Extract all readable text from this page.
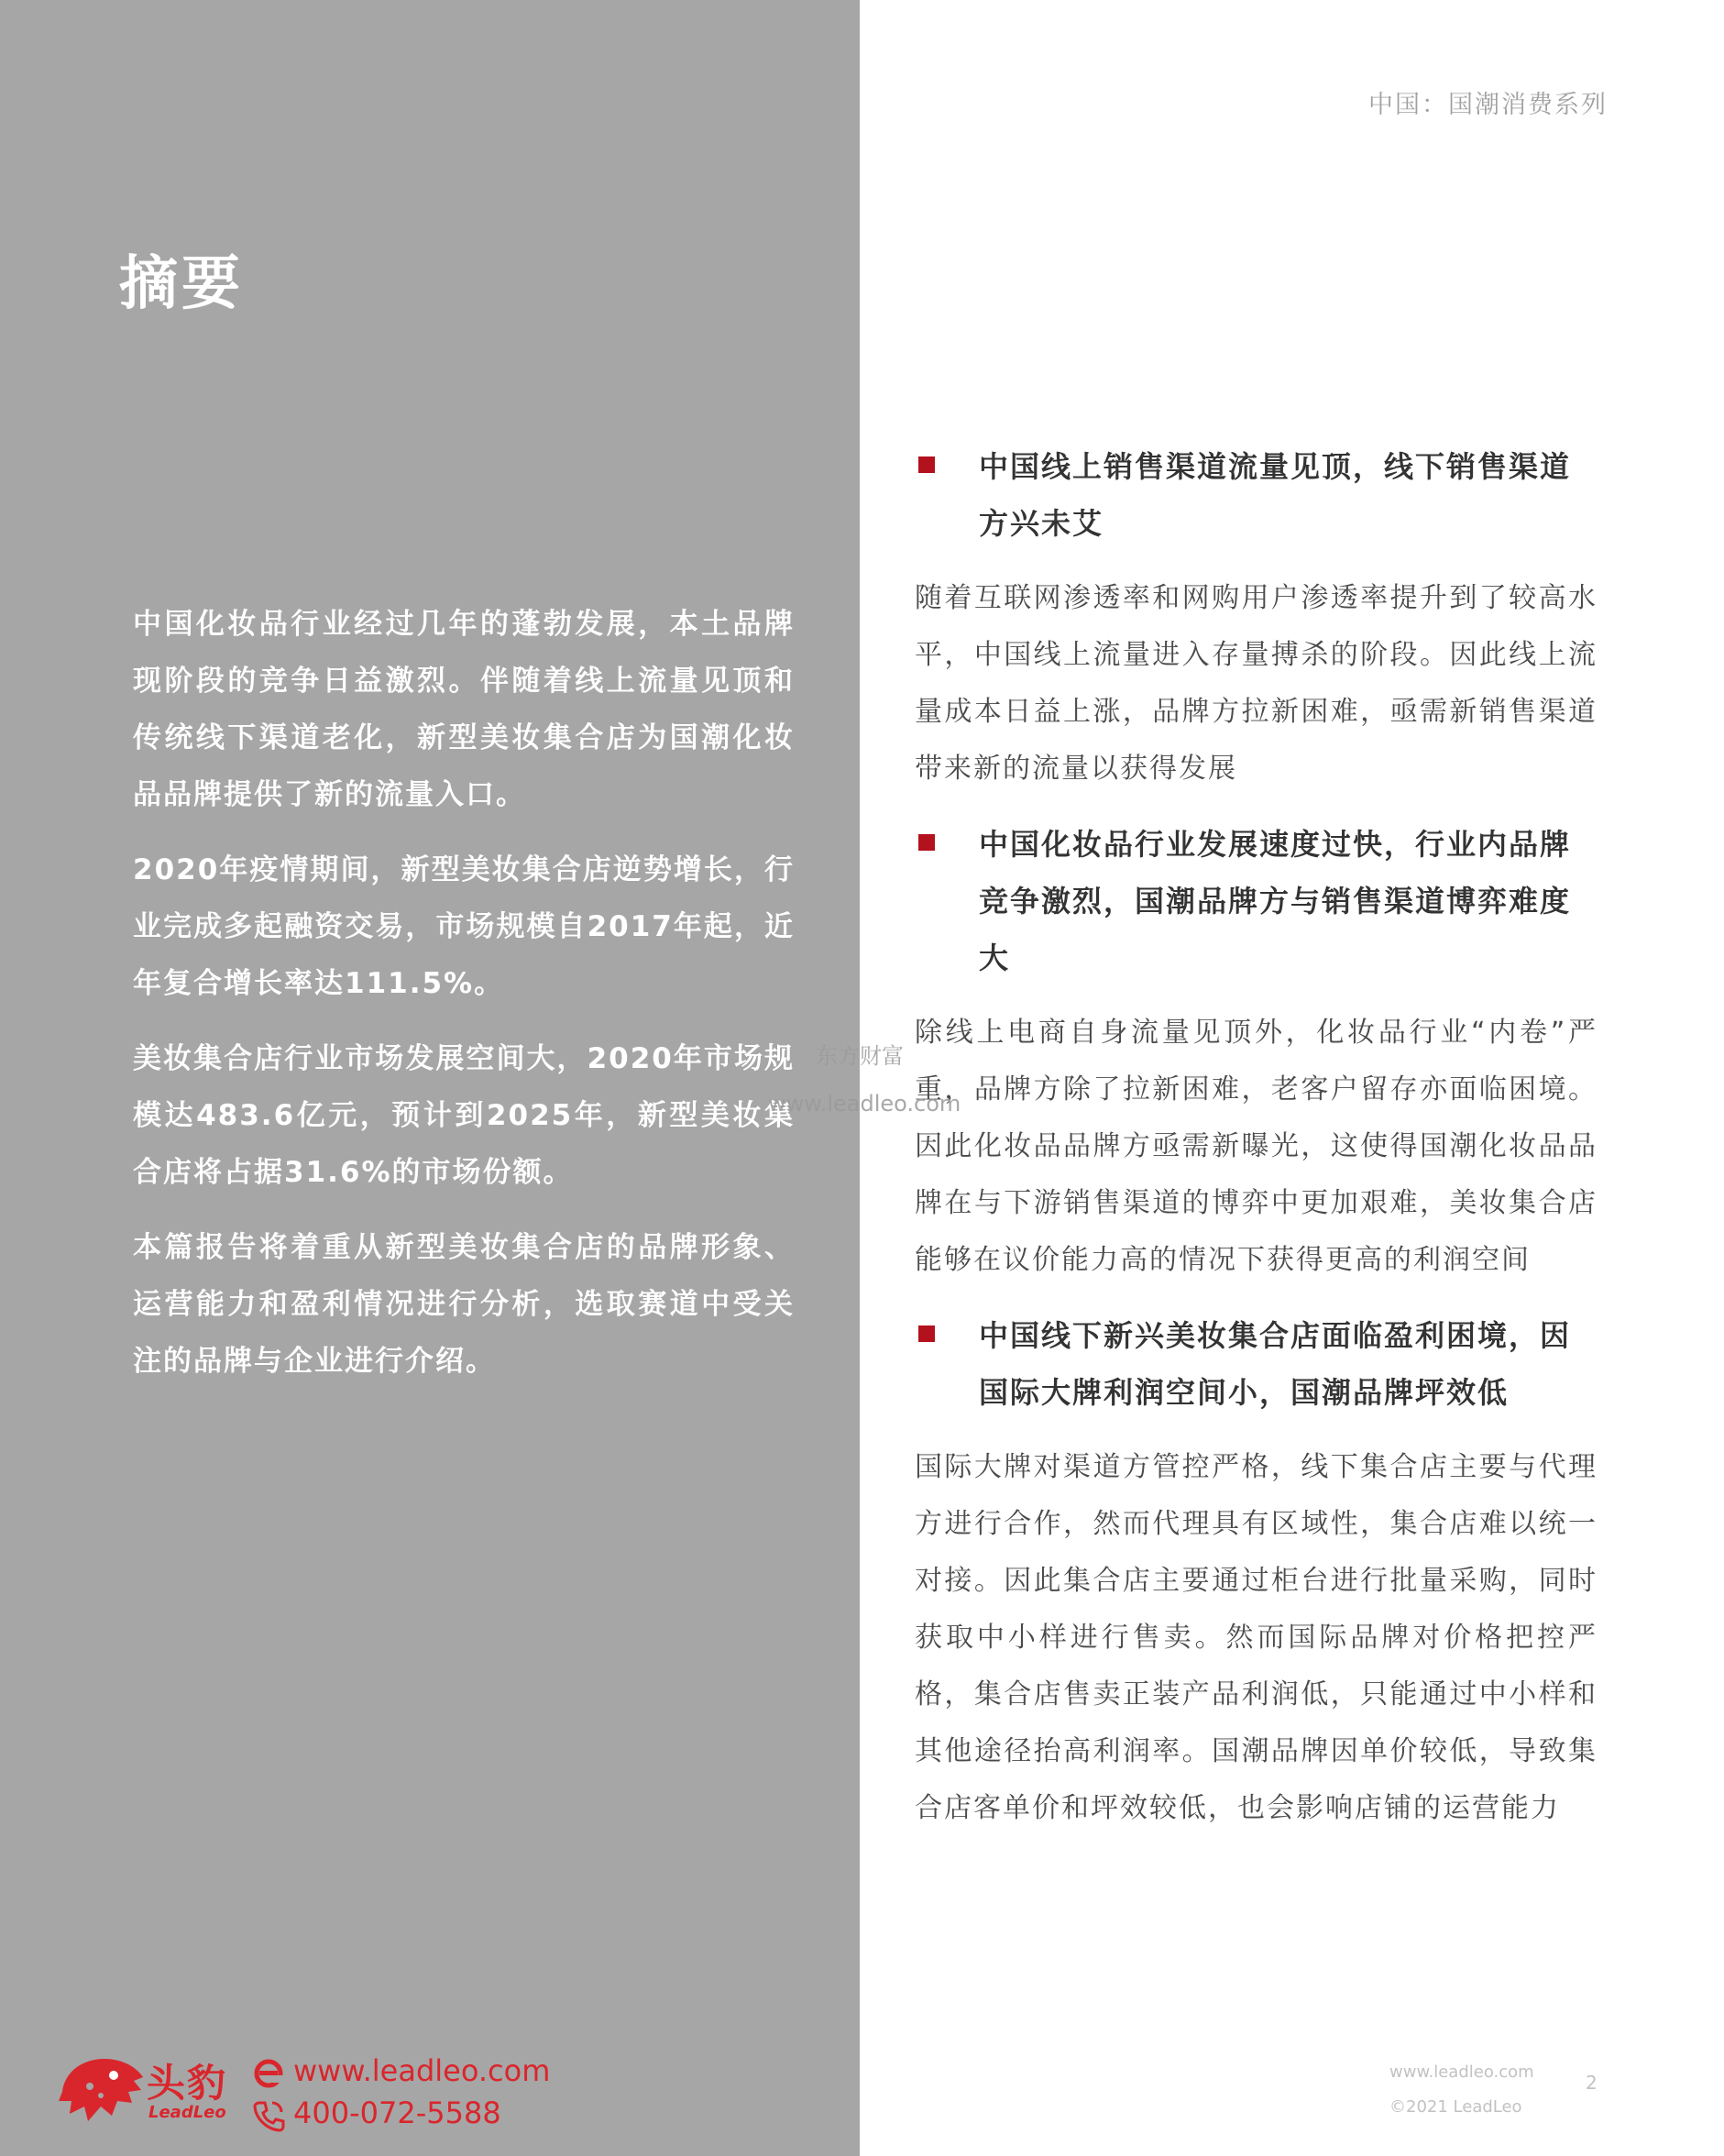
中国：国潮消费系列
摘要

中国化妆品行业经过几年的蓬勃发展，本土品牌现阶段的竞争日益激烈。伴随着线上流量见顶和传统线下渠道老化，新型美妆集合店为国潮化妆品品牌提供了新的流量入口。

2020年疫情期间，新型美妆集合店逆势增长，行业完成多起融资交易，市场规模自2017年起，近年复合增长率达111.5%。

美妆集合店行业市场发展空间大，2020年市场规模达483.6亿元，预计到2025年，新型美妆集合店将占据31.6%的市场份额。

本篇报告将着重从新型美妆集合店的品牌形象、运营能力和盈利情况进行分析，选取赛道中受关注的品牌与企业进行介绍。

中国线上销售渠道流量见顶，线下销售渠道方兴未艾

随着互联网渗透率和网购用户渗透率提升到了较高水平，中国线上流量进入存量搏杀的阶段。因此线上流量成本日益上涨，品牌方拉新困难，亟需新销售渠道带来新的流量以获得发展

中国化妆品行业发展速度过快，行业内品牌竞争激烈，国潮品牌方与销售渠道博弈难度大

除线上电商自身流量见顶外，化妆品行业“内卷”严重，品牌方除了拉新困难，老客户留存亦面临困境。因此化妆品品牌方亟需新曝光，这使得国潮化妆品品牌在与下游销售渠道的博弈中更加艰难，美妆集合店能够在议价能力高的情况下获得更高的利润空间

中国线下新兴美妆集合店面临盈利困境，因国际大牌利润空间小，国潮品牌坪效低

国际大牌对渠道方管控严格，线下集合店主要与代理方进行合作，然而代理具有区域性，集合店难以统一对接。因此集合店主要通过柜台进行批量采购，同时获取中小样进行售卖。然而国际品牌对价格把控严格，集合店售卖正装产品利润低，只能通过中小样和其他途径抬高利润率。国潮品牌因单价较低，导致集合店客单价和坪效较低，也会影响店铺的运营能力

东方财富
www.leadleo.com
头豹
LeadLeo
www.leadleo.com
400-072-5588
www.leadleo.com
©2021 LeadLeo
2
